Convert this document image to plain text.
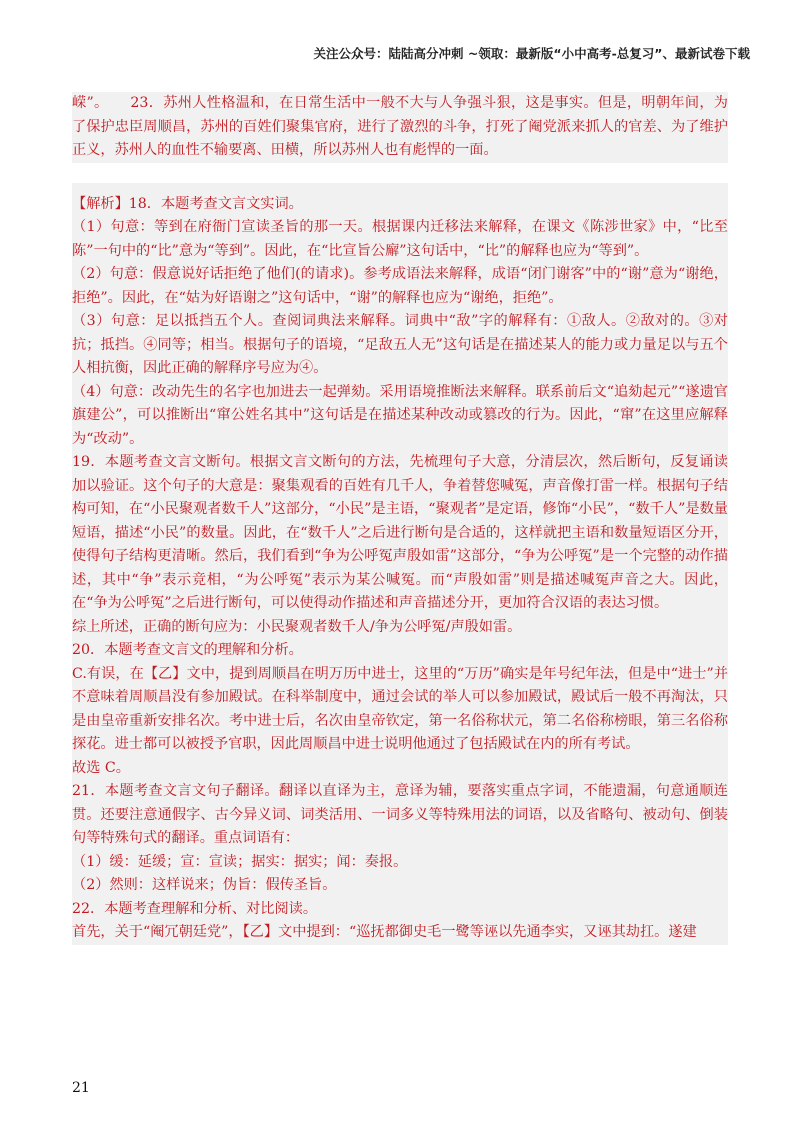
关注公众号：陆陆高分冲刺 ~领取：最新版“小中高考-总复习”、最新试卷下载

嵘”。　　23．苏州人性格温和，在日常生活中一般不大与人争强斗狠，这是事实。但是，明朝年间，为了保护忠臣周顺昌，苏州的百姓们聚集官府，进行了激烈的斗争，打死了阉党派来抓人的官差、为了维护正义，苏州人的血性不输要离、田横，所以苏州人也有彪悍的一面。

【解析】18．本题考查文言文实词。

（1）句意：等到在府衙门宣读圣旨的那一天。根据课内迁移法来解释，在课文《陈涉世家》中，“比至陈”一句中的“比”意为“等到”。因此，在“比宣旨公廨”这句话中，“比”的解释也应为“等到”。

（2）句意：假意说好话拒绝了他们(的请求)。参考成语法来解释，成语“闭门谢客”中的“谢”意为“谢绝，拒绝”。因此，在“姑为好语谢之”这句话中，“谢”的解释也应为“谢绝，拒绝”。

（3）句意：足以抵挡五个人。查阅词典法来解释。词典中“敌”字的解释有：①敌人。②敌对的。③对抗；抵挡。④同等；相当。根据句子的语境，“足敌五人无”这句话是在描述某人的能力或力量足以与五个人相抗衡，因此正确的解释序号应为④。

（4）句意：改动先生的名字也加进去一起弹劾。采用语境推断法来解释。联系前后文“追劾起元”“遂遗官旗建公”，可以推断出“窜公姓名其中”这句话是在描述某种改动或篡改的行为。因此，“窜”在这里应解释为“改动”。

19．本题考查文言文断句。根据文言文断句的方法，先梳理句子大意，分清层次，然后断句，反复诵读加以验证。这个句子的大意是：聚集观看的百姓有几千人，争着替您喊冤，声音像打雷一样。根据句子结构可知，在“小民聚观者数千人”这部分，“小民”是主语，“聚观者”是定语，修饰“小民”，“数千人”是数量短语，描述“小民”的数量。因此，在“数千人”之后进行断句是合适的，这样就把主语和数量短语区分开，使得句子结构更清晰。然后，我们看到“争为公呼冤声殷如雷”这部分，“争为公呼冤”是一个完整的动作描述，其中“争”表示竞相，“为公呼冤”表示为某公喊冤。而“声殷如雷”则是描述喊冤声音之大。因此，在“争为公呼冤”之后进行断句，可以使得动作描述和声音描述分开，更加符合汉语的表达习惯。

综上所述，正确的断句应为：小民聚观者数千人/争为公呼冤/声殷如雷。

20．本题考查文言文的理解和分析。

C.有误，在【乙】文中，提到周顺昌在明万历中进士，这里的“万历”确实是年号纪年法，但是中“进士”并不意味着周顺昌没有参加殿试。在科举制度中，通过会试的举人可以参加殿试，殿试后一般不再淘汰，只是由皇帝重新安排名次。考中进士后，名次由皇帝钦定，第一名俗称状元，第二名俗称榜眼，第三名俗称探花。进士都可以被授予官职，因此周顺昌中进士说明他通过了包括殿试在内的所有考试。

故选 C。

21．本题考查文言文句子翻译。翻译以直译为主，意译为辅，要落实重点字词，不能遗漏，句意通顺连贯。还要注意通假字、古今异义词、词类活用、一词多义等特殊用法的词语，以及省略句、被动句、倒装句等特殊句式的翻译。重点词语有：

（1）缓：延缓；宣：宣读；据实：据实；闻：奏报。

（2）然则：这样说来；伪旨：假传圣旨。

22．本题考查理解和分析、对比阅读。

首先，关于“阉冗朝廷党”，【乙】文中提到：“巡抚都御史毛一鹭等诬以先通李实，又诬其劫扛。遂建

21
